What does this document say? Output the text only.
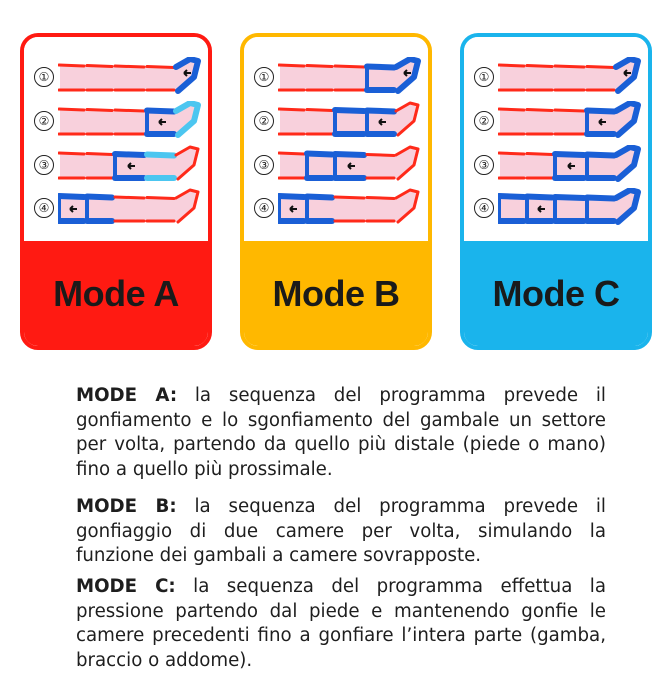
①
②
③
④
Mode A
①
②
③
④
Mode B
①
②
③
④
Mode C
MODE A: la sequenza del programma prevede il gonfiamento e lo sgonfiamento del gambale un settore per volta, partendo da quello più distale (piede o mano) fino a quello più prossimale.
MODE B: la sequenza del programma prevede il gonfiaggio di due camere per volta, simulando la funzione dei gambali a camere sovrapposte.
MODE C: la sequenza del programma effettua la pressione partendo dal piede e mantenendo gonfie le camere precedenti fino a gonfiare l’intera parte (gamba, braccio o addome).
